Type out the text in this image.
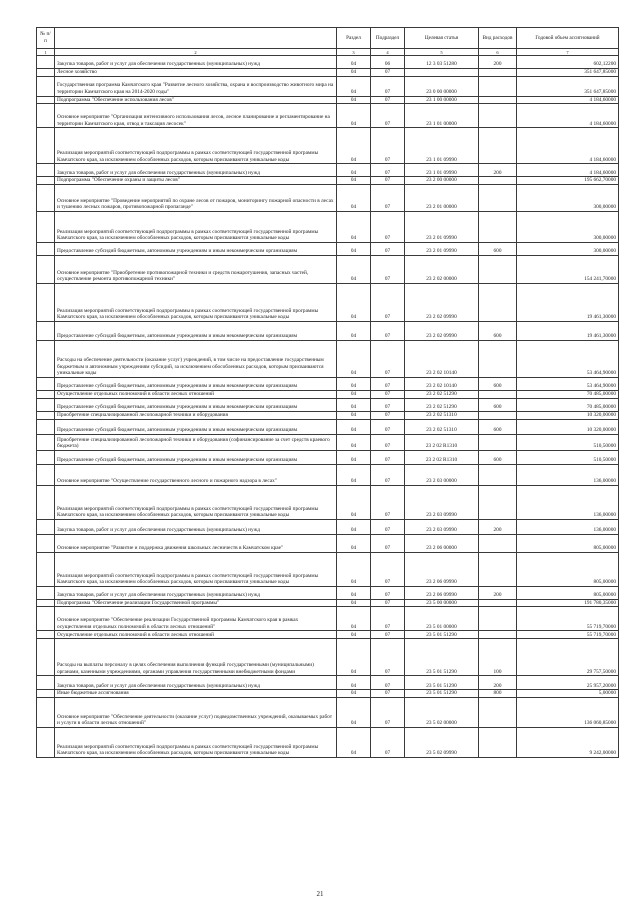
№ п/п		Раздел	Подраздел	Целевая статья	Вид расходов	Годовой объем ассигнований
1	2	3	4	5	6	7
	Закупка товаров, работ и услуг для обеспечения государственных (муниципальных) нужд	04	06	12 3 03 51280	200	602,12200
	Лесное хозяйство	04	07			351 647,85000
	Государственная программа Камчатского края "Развитие лесного хозяйства, охрана и воспроизводство животного мира на территории Камчатского края на 2014-2020 годы"	04	07	23 0 00 00000		351 647,85000
	Подпрограмма "Обеспечение использования лесов"	04	07	23 1 00 00000		4 184,60000
	Основное мероприятие "Организация интенсивного использования лесов, лесное планирование и регламентирование на территории Камчатского края, отвод и таксация лесосек"	04	07	23 1 01 00000		4 184,60000
	Реализация мероприятий соответствующей подпрограммы в рамках соответствующей государственной программы Камчатского края, за исключением обособленных расходов, которым присваиваются уникальные коды	04	07	23 1 01 09990		4 184,60000
	Закупка товаров, работ и услуг для обеспечения государственных (муниципальных) нужд	04	07	23 1 01 09990	200	4 184,60000
	Подпрограмма "Обеспечение охраны и защиты лесов"	04	07	23 2 00 00000		195 662,70000
	Основное мероприятие "Проведение мероприятий по охране лесов от пожаров, мониторингу пожарной опасности в лесах и тушению лесных пожаров, противопожарной пропаганде"	04	07	23 2 01 00000		300,00000
	Реализация мероприятий соответствующей подпрограммы в рамках соответствующей государственной программы Камчатского края, за исключением обособленных расходов, которым присваиваются уникальные коды	04	07	23 2 01 09990		300,00000
	Предоставление субсидий бюджетным, автономным учреждениям и иным некоммерческим организациям	04	07	23 2 01 09990	600	300,00000
	Основное мероприятие "Приобретение противопожарной техники и средств пожаротушения, запасных частей, осуществление ремонта противопожарной техники"	04	07	23 2 02 00000		154 241,70000
	Реализация мероприятий соответствующей подпрограммы в рамках соответствующей государственной программы Камчатского края, за исключением обособленных расходов, которым присваиваются уникальные коды	04	07	23 2 02 09990		19 461,30000
	Предоставление субсидий бюджетным, автономным учреждениям и иным некоммерческим организациям	04	07	23 2 02 09990	600	19 461,30000
	Расходы на обеспечение деятельности (оказание услуг) учреждений, в том числе на предоставление государственным бюджетным и автономным учреждениям субсидий, за исключением обособленных расходов, которым присваиваются уникальные коды	04	07	23 2 02 10140		53 464,90000
	Предоставление субсидий бюджетным, автономным учреждениям и иным некоммерческим организациям	04	07	23 2 02 10140	600	53 464,90000
	Осуществление отдельных полномочий в области лесных отношений	04	07	23 2 02 51290		70 485,00000
	Предоставление субсидий бюджетным, автономным учреждениям и иным некоммерческим организациям	04	07	23 2 02 51290	600	70 485,00000
	Приобретение специализированной лесопожарной техники и оборудования	04	07	23 2 02 51310		10 320,00000
	Предоставление субсидий бюджетным, автономным учреждениям и иным некоммерческим организациям	04	07	23 2 02 51310	600	10 320,00000
	Приобретение специализированной лесопожарной техники и оборудования (софинансирование за счет средств краевого бюджета)	04	07	23 2 02 R1310		510,50000
	Предоставление субсидий бюджетным, автономным учреждениям и иным некоммерческим организациям	04	07	23 2 02 R1310	600	510,50000
	Основное мероприятие "Осуществление государственного лесного и пожарного надзора в лесах"	04	07	23 2 03 00000		136,00000
	Реализация мероприятий соответствующей подпрограммы в рамках соответствующей государственной программы Камчатского края, за исключением обособленных расходов, которым присваиваются уникальные коды	04	07	23 2 03 09990		136,00000
	Закупка товаров, работ и услуг для обеспечения государственных (муниципальных) нужд	04	07	23 2 03 09990	200	136,00000
	Основное мероприятие "Развитие и поддержка движения школьных лесничеств в Камчатском крае"	04	07	23 2 06 00000		805,00000
	Реализация мероприятий соответствующей подпрограммы в рамках соответствующей государственной программы Камчатского края, за исключением обособленных расходов, которым присваиваются уникальные коды	04	07	23 2 06 09990		805,00000
	Закупка товаров, работ и услуг для обеспечения государственных (муниципальных) нужд	04	07	23 2 06 09990	200	805,00000
	Подпрограмма "Обеспечение реализации Государственной программы"	04	07	23 5 00 00000		191 780,35000
	Основное мероприятие "Обеспечение реализации Государственной программы Камчатского края в рамках осуществления отдельных полномочий в области лесных отношений"	04	07	23 5 01 00000		55 719,70000
	Осуществление отдельных полномочий в области лесных отношений	04	07	23 5 01 51290		55 719,70000
	Расходы на выплаты персоналу в целях обеспечения выполнения функций государственными (муниципальными) органами, казенными учреждениями, органами управления государственными внебюджетными фондами	04	07	23 5 01 51290	100	29 757,50000
	Закупка товаров, работ и услуг для обеспечения государственных (муниципальных) нужд	04	07	23 5 01 51290	200	25 957,20000
	Иные бюджетные ассигнования	04	07	23 5 01 51290	800	5,00000
	Основное мероприятие "Обеспечение деятельности (оказание услуг) подведомственных учреждений, оказываемых работ и услуги в области лесных отношений"	04	07	23 5 02 00000		136 060,85000
	Реализация мероприятий соответствующей подпрограммы в рамках соответствующей государственной программы Камчатского края, за исключением обособленных расходов, которым присваиваются уникальные коды	04	07	23 5 02 09990		9 242,00000
21
